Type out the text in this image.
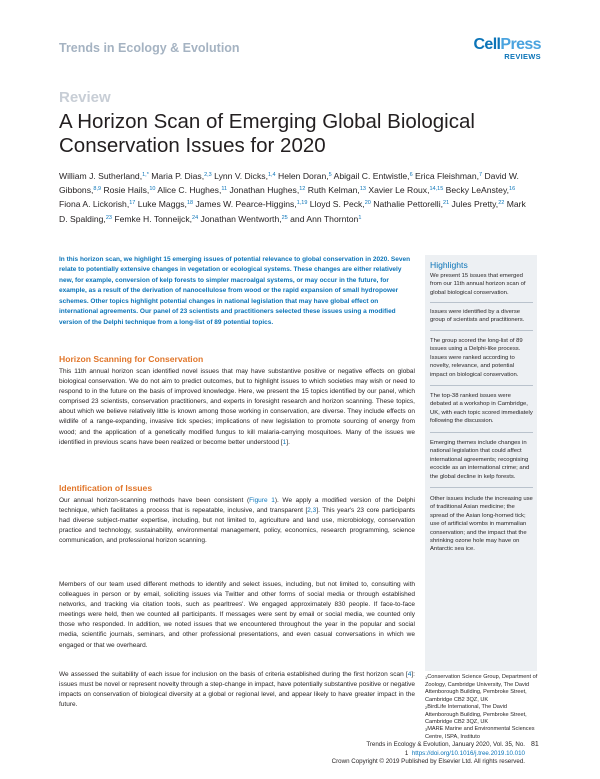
Trends in Ecology & Evolution	CellPress
REVIEWS
Review
A Horizon Scan of Emerging Global Biological Conservation Issues for 2020
William J. Sutherland,$^{1,*}$ Maria P. Dias,$^{2,3}$ Lynn V. Dicks,$^{1,4}$ Helen Doran,$^5$ Abigail C. Entwistle,$^6$ Erica Fleishman,$^7$ David W. Gibbons,$^{8,9}$ Rosie Hails,$^{10}$ Alice C. Hughes,$^{11}$ Jonathan Hughes,$^{12}$ Ruth Kelman,$^{13}$ Xavier Le Roux,$^{14,15}$ Becky LeAnstey,$^{16}$ Fiona A. Lickorish,$^{17}$ Luke Maggs,$^{18}$ James W. Pearce-Higgins,$^{1,19}$ Lloyd S. Peck,$^{20}$ Nathalie Pettorelli,$^{21}$ Jules Pretty,$^{22}$ Mark D. Spalding,$^{23}$ Femke H. Tonneijck,$^{24}$ Jonathan Wentworth,$^{25}$ and Ann Thornton$^1$

In this horizon scan, we highlight 15 emerging issues of potential relevance to global conservation in 2020. Seven relate to potentially extensive changes in vegetation or ecological systems. These changes are either relatively new, for example, conversion of kelp forests to simpler macroalgal systems, or may occur in the future, for example, as a result of the derivation of nanocellulose from wood or the rapid expansion of small hydropower schemes. Other topics highlight potential changes in national legislation that may have global effect on international agreements. Our panel of 23 scientists and practitioners selected these issues using a modified version of the Delphi technique from a long-list of 89 potential topics.

Horizon Scanning for Conservation

This 11th annual horizon scan identified novel issues that may have substantive positive or negative effects on global biological conservation. We do not aim to predict outcomes, but to highlight issues to which societies may wish or need to respond to in the future on the basis of improved knowledge. Here, we present the 15 topics identified by our panel, which comprised 23 scientists, conservation practitioners, and experts in foresight research and horizon scanning. These topics, about which we believe relatively little is known among those working in conservation, are diverse. They include effects on wildlife of a range-expanding, invasive tick species; implications of new legislation to promote sourcing of energy from wood; and the application of a genetically modified fungus to kill malaria-carrying mosquitoes. Many of the issues we identified in previous scans have been realized or become better understood [1].

Identification of Issues

Our annual horizon-scanning methods have been consistent (Figure 1). We apply a modified version of the Delphi technique, which facilitates a process that is repeatable, inclusive, and transparent [2,3]. This year's 23 core participants had diverse subject-matter expertise, including, but not limited to, agriculture and land use, microbiology, conservation practice and technology, sustainability, environmental management, policy, economics, research programming, science communication, and professional horizon scanning.

Members of our team used different methods to identify and select issues, including, but not limited to, consulting with colleagues in person or by email, soliciting issues via Twitter and other forms of social media or through established networks, and tracking via citation tools, such as pearltrees'. We engaged approximately 830 people. If face-to-face meetings were held, then we counted all participants. If messages were sent by email or social media, we counted only those who responded. In addition, we noted issues that we encountered throughout the year in the popular and social media, scientific journals, seminars, and other professional presentations, and even casual conversations in which we engaged or that we overheard.

We assessed the suitability of each issue for inclusion on the basis of criteria established during the first horizon scan [4]: issues must be novel or represent novelty through a step-change in impact, have potentially substantive positive or negative impacts on conservation of biological diversity at a global or regional level, and appear likely to have greater impact in the future.

Highlights
We present 15 issues that emerged from our 11th annual horizon scan of global biological conservation.
Issues were identified by a diverse group of scientists and practitioners.
The group scored the long-list of 89 issues using a Delphi-like process. Issues were ranked according to novelty, relevance, and potential impact on biological conservation.
The top-38 ranked issues were debated at a workshop in Cambridge, UK, with each topic scored immediately following the discussion.
Emerging themes include changes in national legislation that could affect international agreements; recognising ecocide as an international crime; and the global decline in kelp forests.
Other issues include the increasing use of traditional Asian medicine; the spread of the Asian long-horned tick; use of artificial wombs in mammalian conservation; and the impact that the shrinking ozone hole may have on Antarctic sea ice.
$^1$Conservation Science Group, Department of Zoology, Cambridge University, The David Attenborough Building, Pembroke Street, Cambridge CB2 3QZ, UK
$^2$BirdLife International, The David Attenborough Building, Pembroke Street, Cambridge CB2 3QZ, UK
$^3$MARE Marine and Environmental Sciences Centre, ISPA, Instituto
Trends in Ecology & Evolution, January 2020, Vol. 35, No. 1 https://doi.org/10.1016/j.tree.2019.10.010
Crown Copyright © 2019 Published by Elsevier Ltd. All rights reserved.
81
